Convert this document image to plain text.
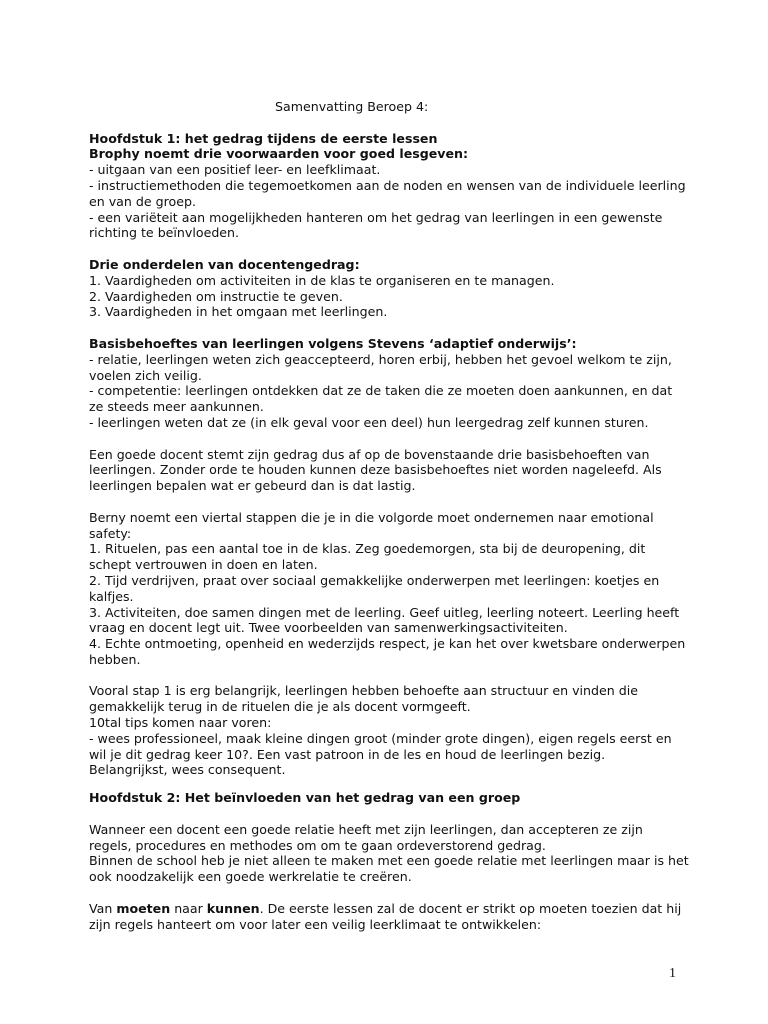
Samenvatting Beroep 4:

Hoofdstuk 1: het gedrag tijdens de eerste lessen

Brophy noemt drie voorwaarden voor goed lesgeven:

- uitgaan van een positief leer- en leefklimaat.

- instructiemethoden die tegemoetkomen aan de noden en wensen van de individuele leerling en van de groep.

- een variëteit aan mogelijkheden hanteren om het gedrag van leerlingen in een gewenste richting te beïnvloeden.

Drie onderdelen van docentengedrag:

1. Vaardigheden om activiteiten in de klas te organiseren en te managen.

2. Vaardigheden om instructie te geven.

3. Vaardigheden in het omgaan met leerlingen.

Basisbehoeftes van leerlingen volgens Stevens ‘adaptief onderwijs’:

- relatie, leerlingen weten zich geaccepteerd, horen erbij, hebben het gevoel welkom te zijn, voelen zich veilig.

- competentie: leerlingen ontdekken dat ze de taken die ze moeten doen aankunnen, en dat ze steeds meer aankunnen.

- leerlingen weten dat ze (in elk geval voor een deel) hun leergedrag zelf kunnen sturen.

Een goede docent stemt zijn gedrag dus af op de bovenstaande drie basisbehoeften van leerlingen. Zonder orde te houden kunnen deze basisbehoeftes niet worden nageleefd. Als leerlingen bepalen wat er gebeurd dan is dat lastig.

Berny noemt een viertal stappen die je in die volgorde moet ondernemen naar emotional safety:

1. Rituelen, pas een aantal toe in de klas. Zeg goedemorgen, sta bij de deuropening, dit schept vertrouwen in doen en laten.

2. Tijd verdrijven, praat over sociaal gemakkelijke onderwerpen met leerlingen: koetjes en kalfjes.

3. Activiteiten, doe samen dingen met de leerling. Geef uitleg, leerling noteert. Leerling heeft vraag en docent legt uit. Twee voorbeelden van samenwerkingsactiviteiten.

4. Echte ontmoeting, openheid en wederzijds respect, je kan het over kwetsbare onderwerpen hebben.

Vooral stap 1 is erg belangrijk, leerlingen hebben behoefte aan structuur en vinden die gemakkelijk terug in de rituelen die je als docent vormgeeft.

10tal tips komen naar voren:

- wees professioneel, maak kleine dingen groot (minder grote dingen), eigen regels eerst en wil je dit gedrag keer 10?. Een vast patroon in de les en houd de leerlingen bezig.

Belangrijkst, wees consequent.

Hoofdstuk 2: Het beïnvloeden van het gedrag van een groep

Wanneer een docent een goede relatie heeft met zijn leerlingen, dan accepteren ze zijn regels, procedures en methodes om om te gaan ordeverstorend gedrag.

Binnen de school heb je niet alleen te maken met een goede relatie met leerlingen maar is het ook noodzakelijk een goede werkrelatie te creëren.

Van moeten naar kunnen. De eerste lessen zal de docent er strikt op moeten toezien dat hij zijn regels hanteert om voor later een veilig leerklimaat te ontwikkelen:

1
